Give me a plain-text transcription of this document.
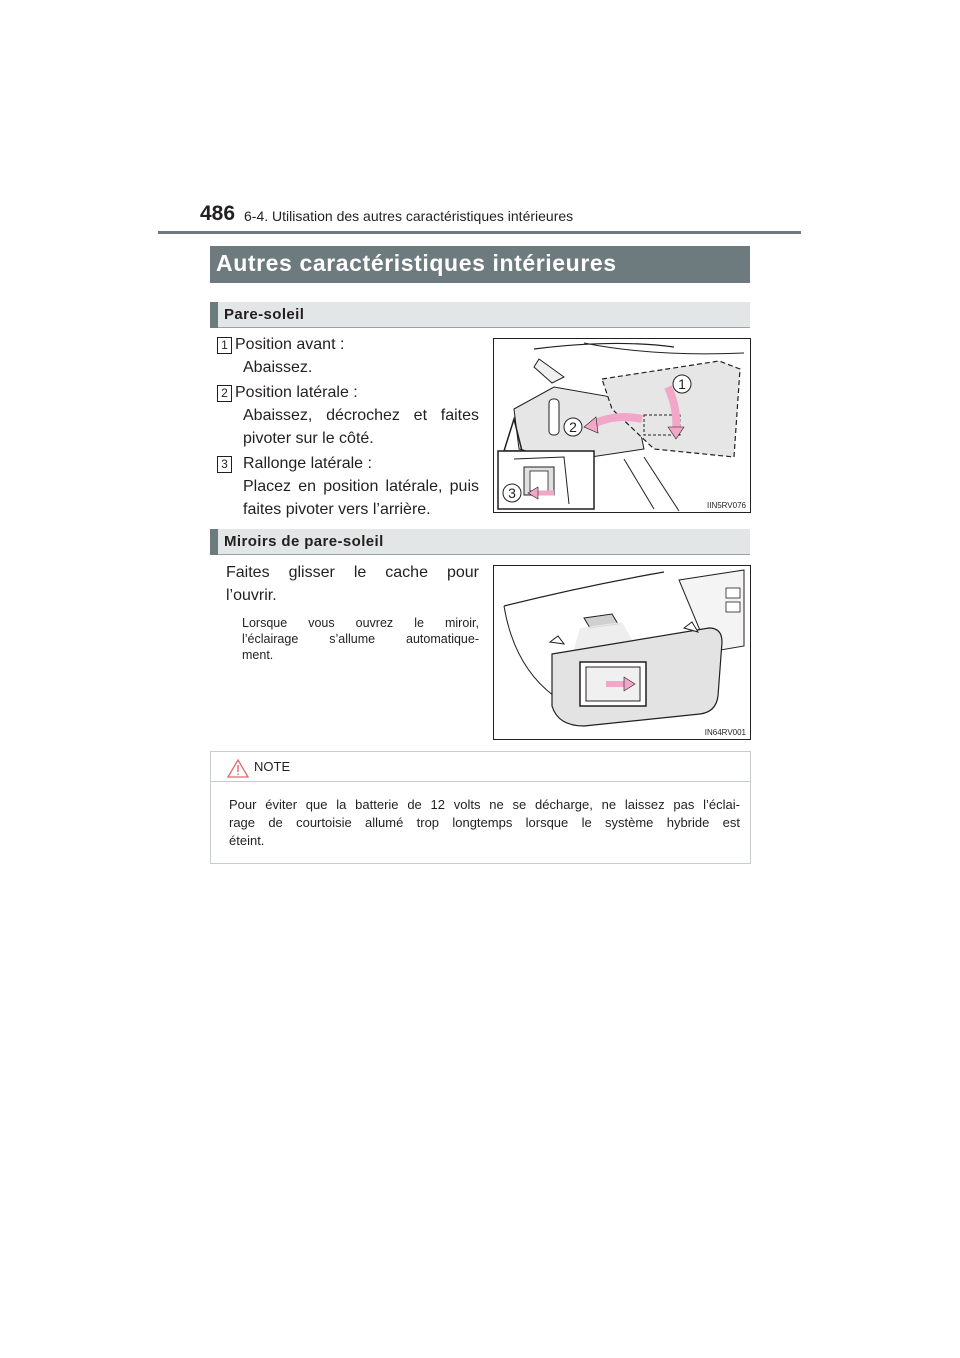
486 6-4. Utilisation des autres caractéristiques intérieures
Autres caractéristiques intérieures
Pare-soleil
1 Position avant :
Abaissez.
2 Position latérale :
Abaissez, décrochez et faites
pivoter sur le côté.
3 Rallonge latérale :
Placez en position latérale, puis
faites pivoter vers l’arrière.
1
2
3
IIN5RV076
Miroirs de pare-soleil
Faites glisser le cache pour
l’ouvrir.
Lorsque vous ouvrez le miroir,
l’éclairage s’allume automatique-
ment.
IN64RV001
NOTE
Pour éviter que la batterie de 12 volts ne se décharge, ne laissez pas l’éclai-
rage de courtoisie allumé trop longtemps lorsque le système hybride est
éteint.
